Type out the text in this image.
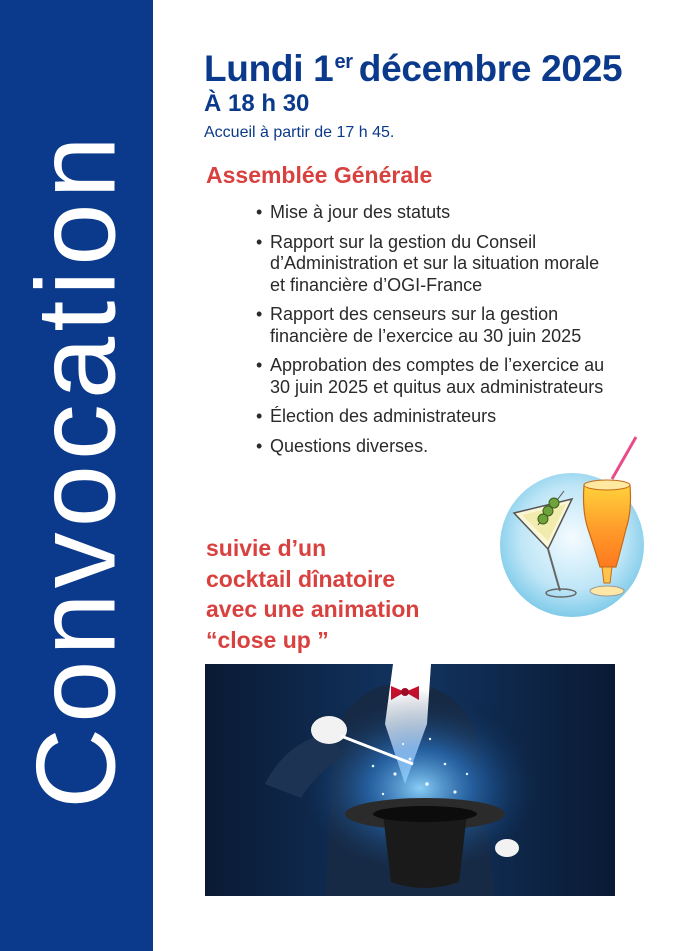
Convocation
Lundi 1er décembre 2025
À 18 h 30
Accueil à partir de 17 h 45.
Assemblée Générale
• Mise à jour des statuts
• Rapport sur la gestion du Conseil d’Administration et sur la situation morale et financière d’OGI-France
• Rapport des censeurs sur la gestion financière de l’exercice au 30 juin 2025
• Approbation des comptes de l’exercice au 30 juin 2025 et quitus aux administrateurs
• Élection des administrateurs
• Questions diverses.
suivie d’un
cocktail dînatoire
avec une animation
“close up ”
